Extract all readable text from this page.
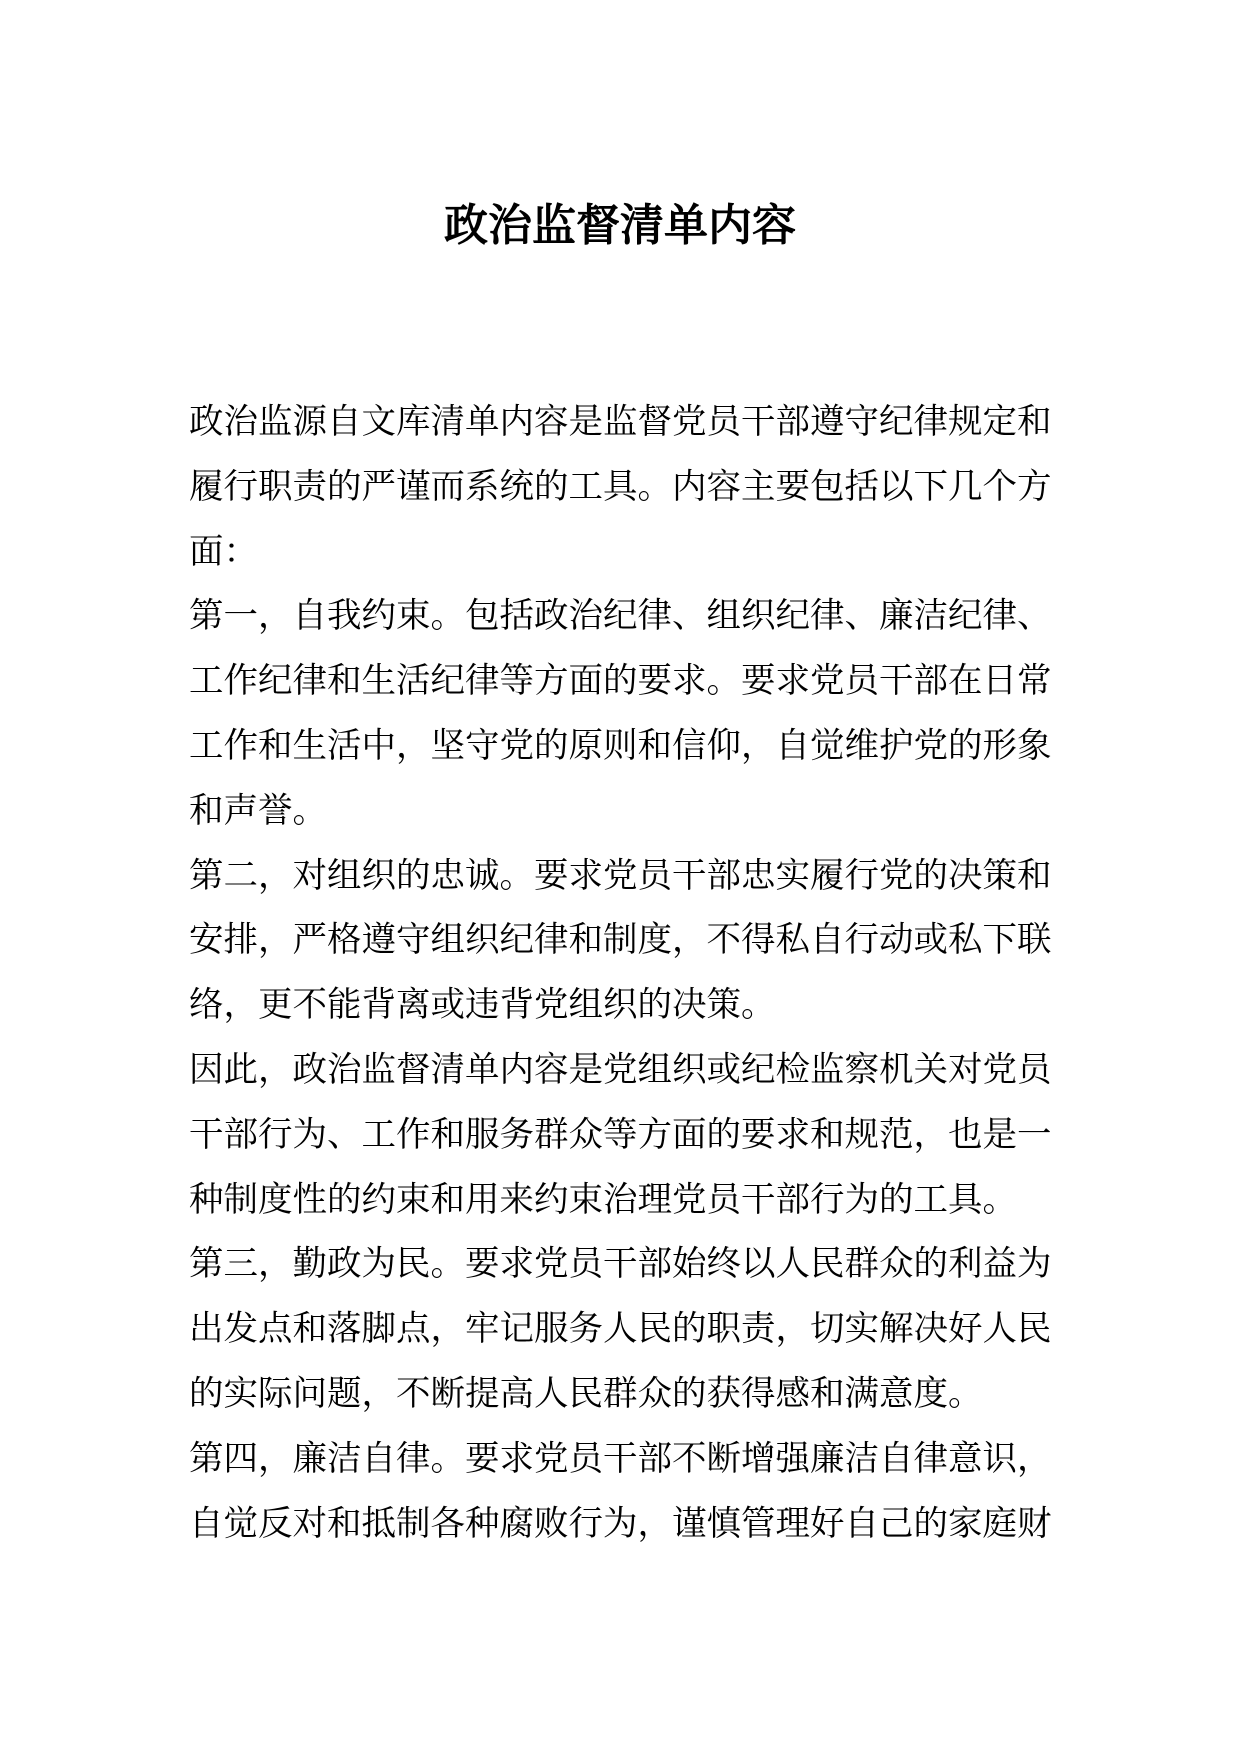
政治监督清单内容
政治监源自文库清单内容是监督党员干部遵守纪律规定和
履行职责的严谨而系统的工具。内容主要包括以下几个方
面：
第一，自我约束。包括政治纪律、组织纪律、廉洁纪律、
工作纪律和生活纪律等方面的要求。要求党员干部在日常
工作和生活中，坚守党的原则和信仰，自觉维护党的形象
和声誉。
第二，对组织的忠诚。要求党员干部忠实履行党的决策和
安排，严格遵守组织纪律和制度，不得私自行动或私下联
络，更不能背离或违背党组织的决策。
因此，政治监督清单内容是党组织或纪检监察机关对党员
干部行为、工作和服务群众等方面的要求和规范，也是一
种制度性的约束和用来约束治理党员干部行为的工具。
第三，勤政为民。要求党员干部始终以人民群众的利益为
出发点和落脚点，牢记服务人民的职责，切实解决好人民
的实际问题，不断提高人民群众的获得感和满意度。
第四，廉洁自律。要求党员干部不断增强廉洁自律意识，
自觉反对和抵制各种腐败行为，谨慎管理好自己的家庭财
